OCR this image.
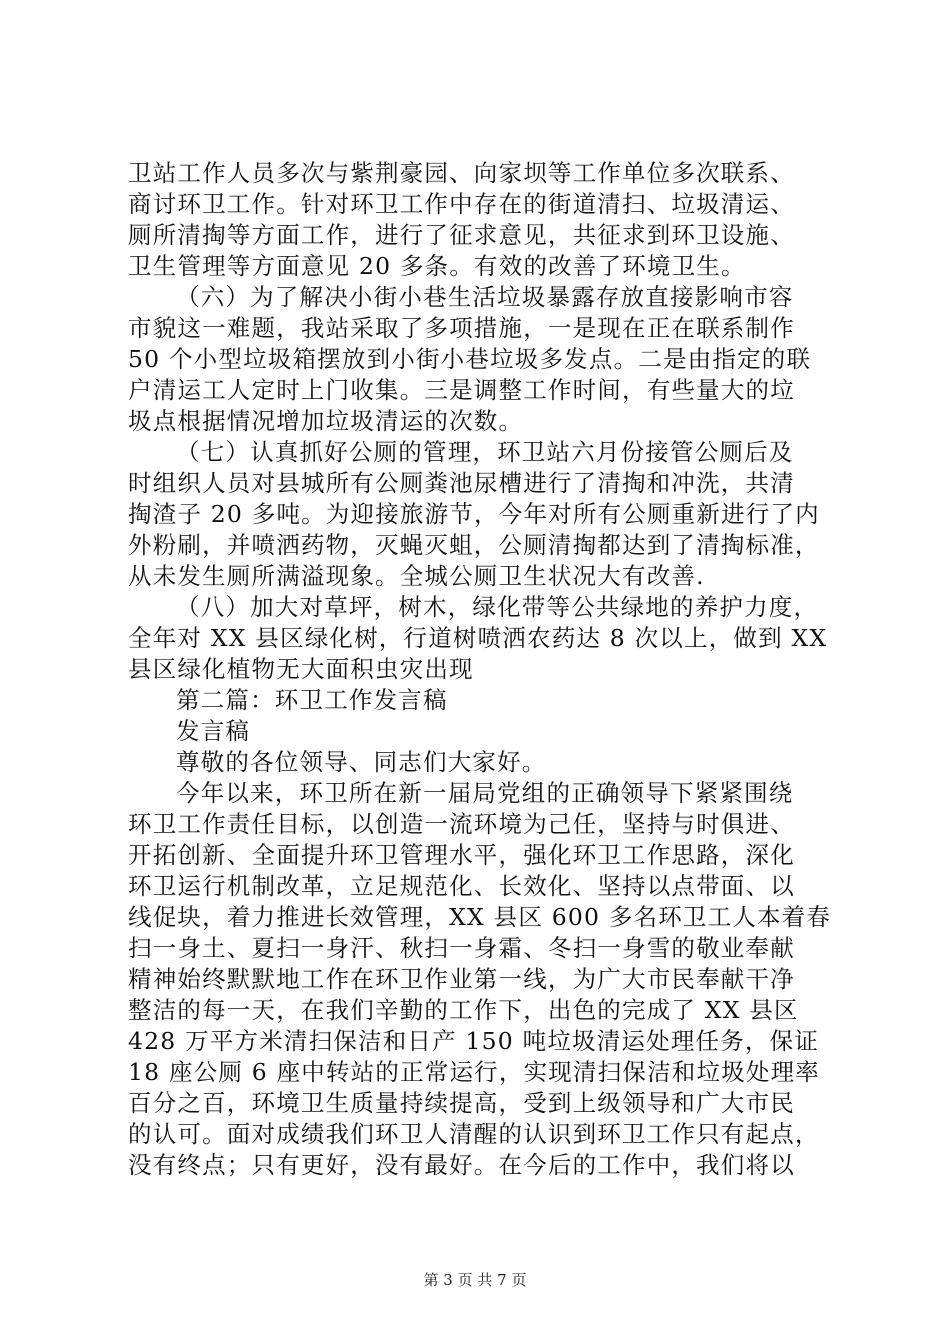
卫站工作人员多次与紫荆豪园、向家坝等工作单位多次联系、
商讨环卫工作。针对环卫工作中存在的街道清扫、垃圾清运、
厕所清掏等方面工作，进行了征求意见，共征求到环卫设施、
卫生管理等方面意见 20 多条。有效的改善了环境卫生。
（六）为了解决小街小巷生活垃圾暴露存放直接影响市容
市貌这一难题，我站采取了多项措施，一是现在正在联系制作
50 个小型垃圾箱摆放到小街小巷垃圾多发点。二是由指定的联
户清运工人定时上门收集。三是调整工作时间，有些量大的垃
圾点根据情况增加垃圾清运的次数。
（七）认真抓好公厕的管理，环卫站六月份接管公厕后及
时组织人员对县城所有公厕粪池尿槽进行了清掏和冲洗，共清
掏渣子 20 多吨。为迎接旅游节，今年对所有公厕重新进行了内
外粉刷，并喷洒药物，灭蝇灭蛆，公厕清掏都达到了清掏标准，
从未发生厕所满溢现象。全城公厕卫生状况大有改善.
（八）加大对草坪，树木，绿化带等公共绿地的养护力度，
全年对 XX 县区绿化树，行道树喷洒农药达 8 次以上，做到 XX
县区绿化植物无大面积虫灾出现
第二篇：环卫工作发言稿
发言稿
尊敬的各位领导、同志们大家好。
今年以来，环卫所在新一届局党组的正确领导下紧紧围绕
环卫工作责任目标，以创造一流环境为己任，坚持与时俱进、
开拓创新、全面提升环卫管理水平，强化环卫工作思路，深化
环卫运行机制改革，立足规范化、长效化、坚持以点带面、以
线促块，着力推进长效管理，XX 县区 600 多名环卫工人本着春
扫一身土、夏扫一身汗、秋扫一身霜、冬扫一身雪的敬业奉献
精神始终默默地工作在环卫作业第一线，为广大市民奉献干净
整洁的每一天，在我们辛勤的工作下，出色的完成了 XX 县区
428 万平方米清扫保洁和日产 150 吨垃圾清运处理任务，保证
18 座公厕 6 座中转站的正常运行，实现清扫保洁和垃圾处理率
百分之百，环境卫生质量持续提高，受到上级领导和广大市民
的认可。面对成绩我们环卫人清醒的认识到环卫工作只有起点，
没有终点；只有更好，没有最好。在今后的工作中，我们将以
第 3 页 共 7 页
